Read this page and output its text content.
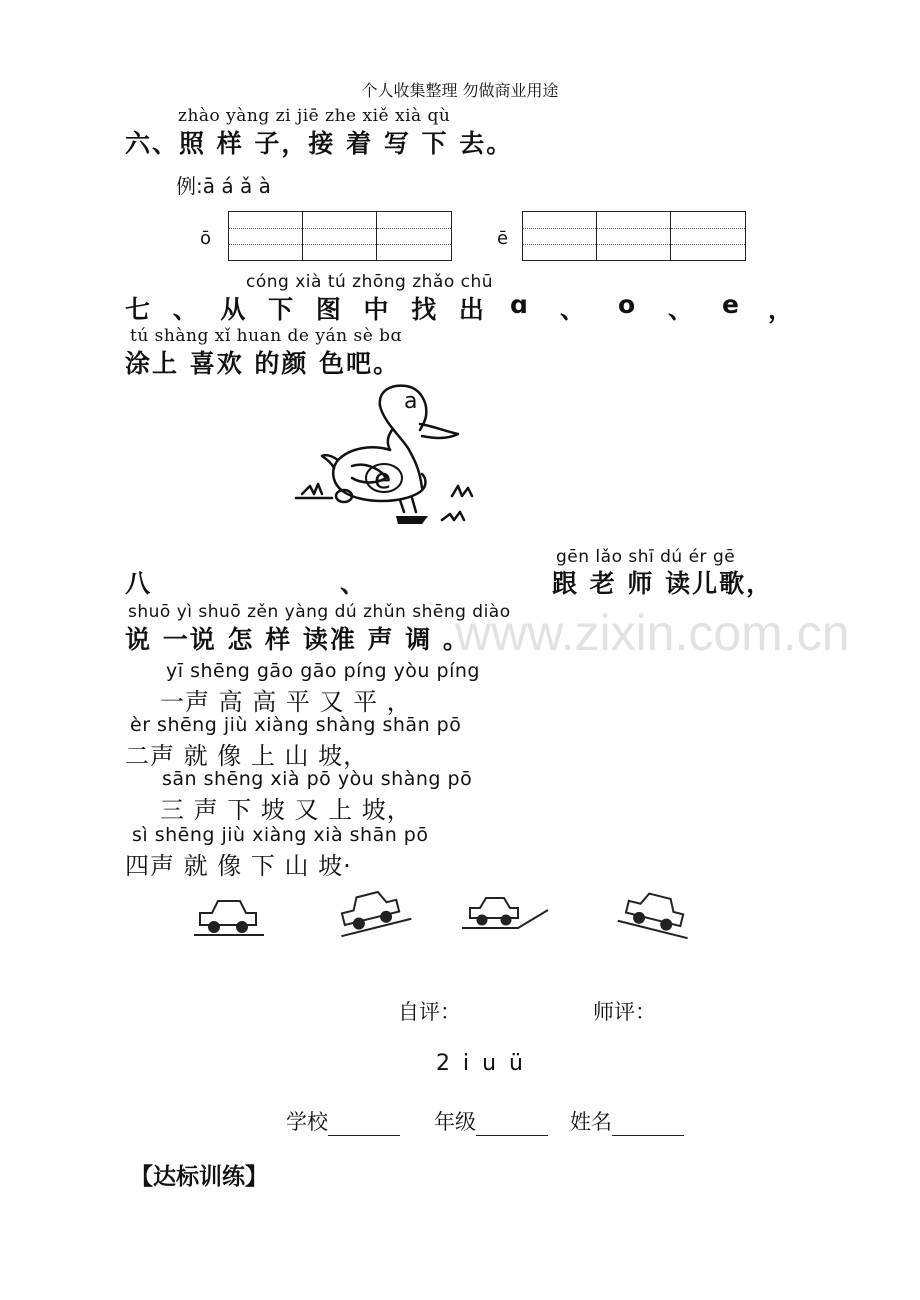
个人收集整理 勿做商业用途
www.zixin.com.cn
zhào yàng zi jiē zhe xiě xià qù
六、照 样 子，接 着 写 下 去。
例:ā á ǎ à
ō	ē
cóng xià tú zhōng zhǎo chū
七 、 从 下 图 中 找 出 ɑ 、 o 、 e ，
tú shàng xǐ huan de yán sè bɑ
涂上 喜欢 的颜 色吧。
a
e
gēn lǎo shī dú ér gē
八	、	跟 老 师 读儿歌，
shuō yì shuō zěn yàng dú zhǔn shēng diào
说 一说 怎 样 读准 声 调 。
yī shēng gāo gāo píng yòu píng
一声 高 高 平 又 平 ，
èr shēng jiù xiàng shàng shān pō
二声 就 像 上 山 坡，
sān shēng xià pō yòu shàng pō
三 声 下 坡 又 上 坡，
sì shēng jiù xiàng xià shān pō
四声 就 像 下 山 坡·
自评：	师评：
2 i u ü
学校	年级	姓名
【达标训练】
